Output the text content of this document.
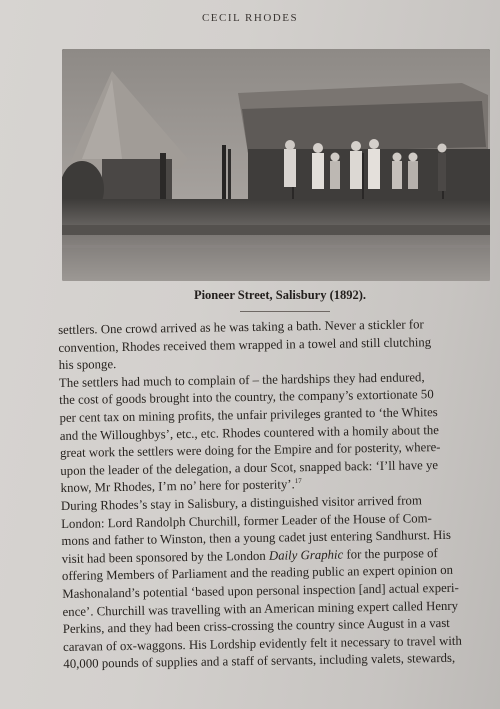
CECIL RHODES
Pioneer Street, Salisbury (1892).
settlers. One crowd arrived as he was taking a bath. Never a stickler for
convention, Rhodes received them wrapped in a towel and still clutching
his sponge.
The settlers had much to complain of – the hardships they had endured,
the cost of goods brought into the country, the company’s extortionate 50
per cent tax on mining profits, the unfair privileges granted to ‘the Whites
and the Willoughbys’, etc., etc. Rhodes countered with a homily about the
great work the settlers were doing for the Empire and for posterity, where-
upon the leader of the delegation, a dour Scot, snapped back: ‘I’ll have ye
know, Mr Rhodes, I’m no’ here for posterity’.$^{17}$
During Rhodes’s stay in Salisbury, a distinguished visitor arrived from
London: Lord Randolph Churchill, former Leader of the House of Com-
mons and father to Winston, then a young cadet just entering Sandhurst. His
visit had been sponsored by the London Daily Graphic for the purpose of
offering Members of Parliament and the reading public an expert opinion on
Mashonaland’s potential ‘based upon personal inspection [and] actual experi-
ence’. Churchill was travelling with an American mining expert called Henry
Perkins, and they had been criss-crossing the country since August in a vast
caravan of ox-waggons. His Lordship evidently felt it necessary to travel with
40,000 pounds of supplies and a staff of servants, including valets, stewards,
